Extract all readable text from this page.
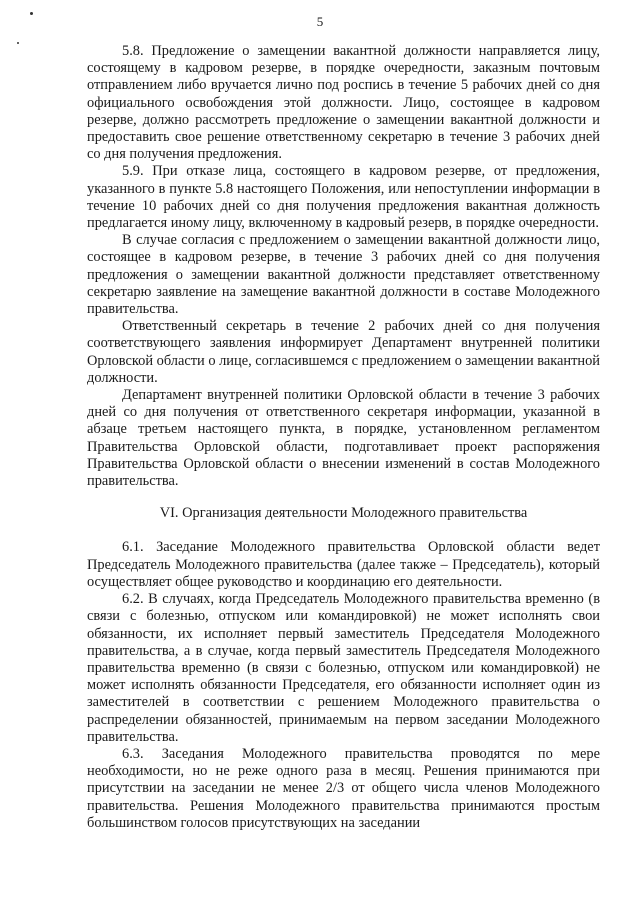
5

5.8. Предложение о замещении вакантной должности направляется лицу, состоящему в кадровом резерве, в порядке очередности, заказным почтовым отправлением либо вручается лично под роспись в течение 5 рабочих дней со дня официального освобождения этой должности. Лицо, состоящее в кадровом резерве, должно рассмотреть предложение о замещении вакантной должности и предоставить свое решение ответственному секретарю в течение 3 рабочих дней со дня получения предложения.

5.9. При отказе лица, состоящего в кадровом резерве, от предложения, указанного в пункте 5.8 настоящего Положения, или непоступлении информации в течение 10 рабочих дней со дня получения предложения вакантная должность предлагается иному лицу, включенному в кадровый резерв, в порядке очередности.

В случае согласия с предложением о замещении вакантной должности лицо, состоящее в кадровом резерве, в течение 3 рабочих дней со дня получения предложения о замещении вакантной должности представляет ответственному секретарю заявление на замещение вакантной должности в составе Молодежного правительства.

Ответственный секретарь в течение 2 рабочих дней со дня получения соответствующего заявления информирует Департамент внутренней политики Орловской области о лице, согласившемся с предложением о замещении вакантной должности.

Департамент внутренней политики Орловской области в течение 3 рабочих дней со дня получения от ответственного секретаря информации, указанной в абзаце третьем настоящего пункта, в порядке, установленном регламентом Правительства Орловской области, подготавливает проект распоряжения Правительства Орловской области о внесении изменений в состав Молодежного правительства.

VI. Организация деятельности Молодежного правительства

6.1. Заседание Молодежного правительства Орловской области ведет Председатель Молодежного правительства (далее также – Председатель), который осуществляет общее руководство и координацию его деятельности.

6.2. В случаях, когда Председатель Молодежного правительства временно (в связи с болезнью, отпуском или командировкой) не может исполнять свои обязанности, их исполняет первый заместитель Председателя Молодежного правительства, а в случае, когда первый заместитель Председателя Молодежного правительства временно (в связи с болезнью, отпуском или командировкой) не может исполнять обязанности Председателя, его обязанности исполняет один из заместителей в соответствии с решением Молодежного правительства о распределении обязанностей, принимаемым на первом заседании Молодежного правительства.

6.3. Заседания Молодежного правительства проводятся по мере необходимости, но не реже одного раза в месяц. Решения принимаются при присутствии на заседании не менее 2/3 от общего числа членов Молодежного правительства. Решения Молодежного правительства принимаются простым большинством голосов присутствующих на заседании
